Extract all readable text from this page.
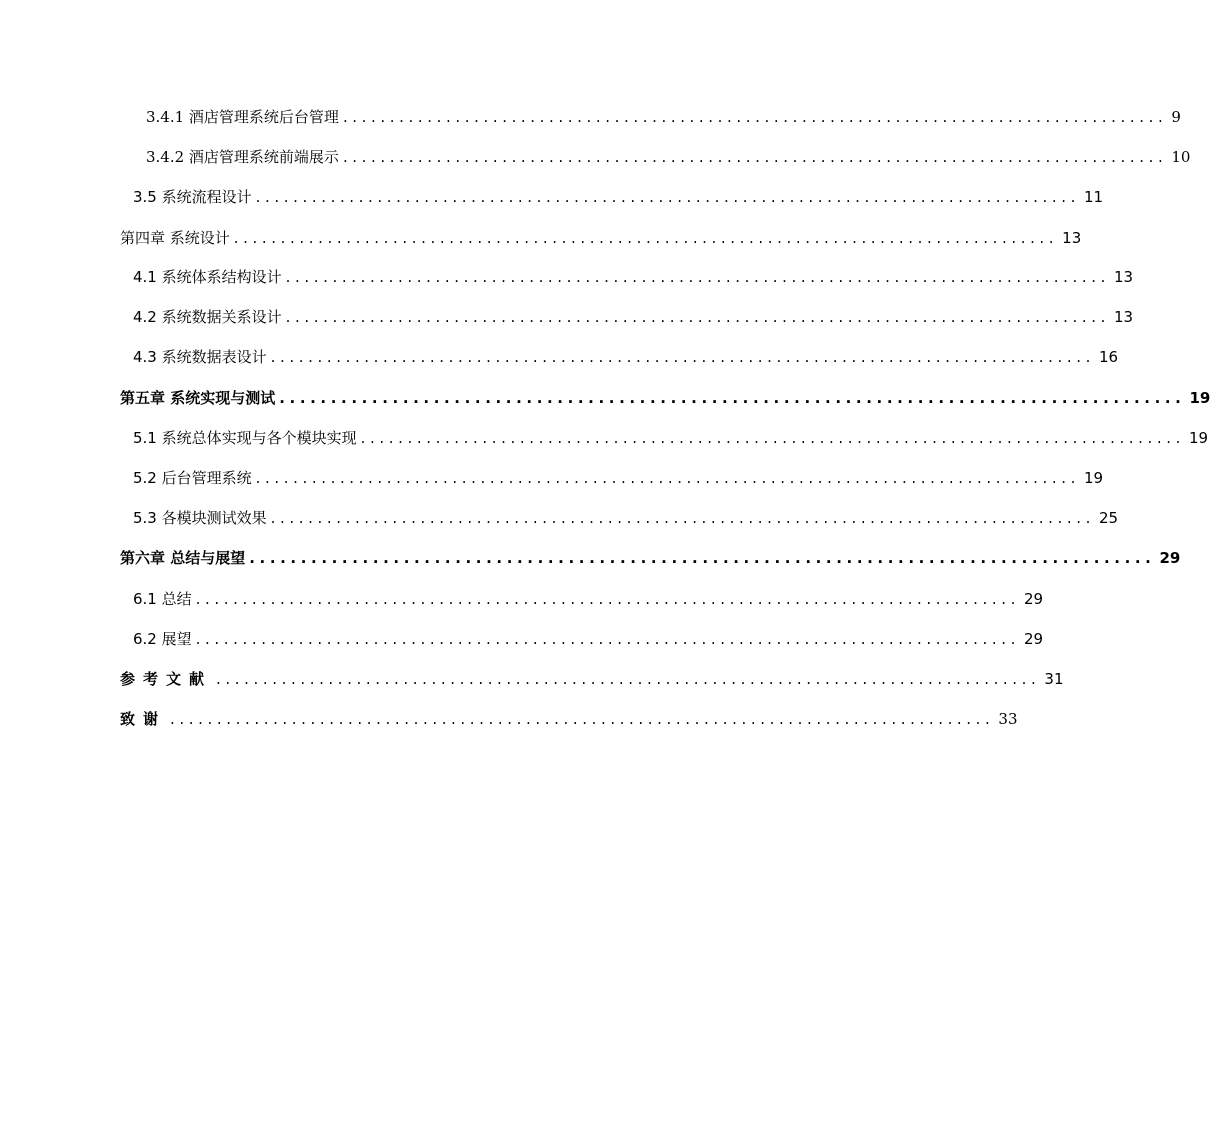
3.4.1 酒店管理系统后台管理 ........................................................................................ 9
3.4.2 酒店管理系统前端展示 ........................................................................................ 10
3.5 系统流程设计 ........................................................................................ 11
第四章 系统设计 ........................................................................................ 13
4.1 系统体系结构设计 ........................................................................................ 13
4.2 系统数据关系设计 ........................................................................................ 13
4.3 系统数据表设计 ........................................................................................ 16
第五章 系统实现与测试 ........................................................................................ 19
5.1 系统总体实现与各个模块实现 ........................................................................................ 19
5.2 后台管理系统 ........................................................................................ 19
5.3 各模块测试效果 ........................................................................................ 25
第六章 总结与展望 ........................................................................................ 29
6.1 总结 ........................................................................................ 29
6.2 展望 ........................................................................................ 29
参考文献 ........................................................................................ 31
致谢 ........................................................................................ 33
